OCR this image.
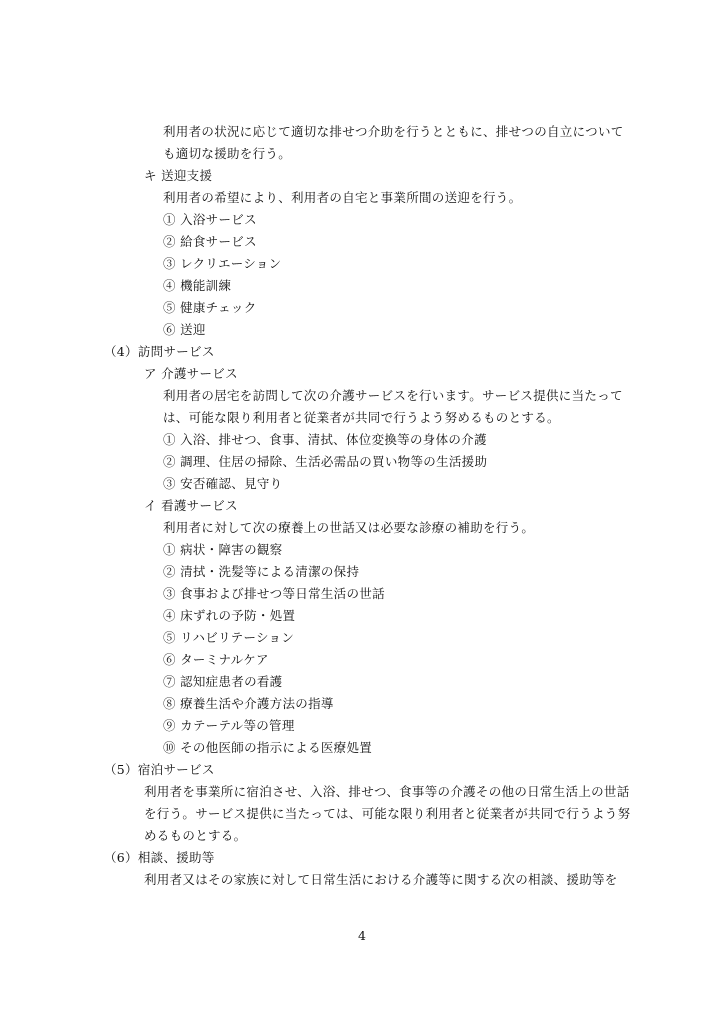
利用者の状況に応じて適切な排せつ介助を行うとともに、排せつの自立について
も適切な援助を行う。
キ 送迎支援
利用者の希望により、利用者の自宅と事業所間の送迎を行う。
① 入浴サービス
② 給食サービス
③ レクリエーション
④ 機能訓練
⑤ 健康チェック
⑥ 送迎
（4）訪問サービス
ア 介護サービス
利用者の居宅を訪問して次の介護サービスを行います。サービス提供に当たって
は、可能な限り利用者と従業者が共同で行うよう努めるものとする。
① 入浴、排せつ、食事、清拭、体位変換等の身体の介護
② 調理、住居の掃除、生活必需品の買い物等の生活援助
③ 安否確認、見守り
イ 看護サービス
利用者に対して次の療養上の世話又は必要な診療の補助を行う。
① 病状・障害の観察
② 清拭・洗髪等による清潔の保持
③ 食事および排せつ等日常生活の世話
④ 床ずれの予防・処置
⑤ リハビリテーション
⑥ ターミナルケア
⑦ 認知症患者の看護
⑧ 療養生活や介護方法の指導
⑨ カテーテル等の管理
⑩ その他医師の指示による医療処置
（5）宿泊サービス
利用者を事業所に宿泊させ、入浴、排せつ、食事等の介護その他の日常生活上の世話
を行う。サービス提供に当たっては、可能な限り利用者と従業者が共同で行うよう努
めるものとする。
（6）相談、援助等
利用者又はその家族に対して日常生活における介護等に関する次の相談、援助等を
4
